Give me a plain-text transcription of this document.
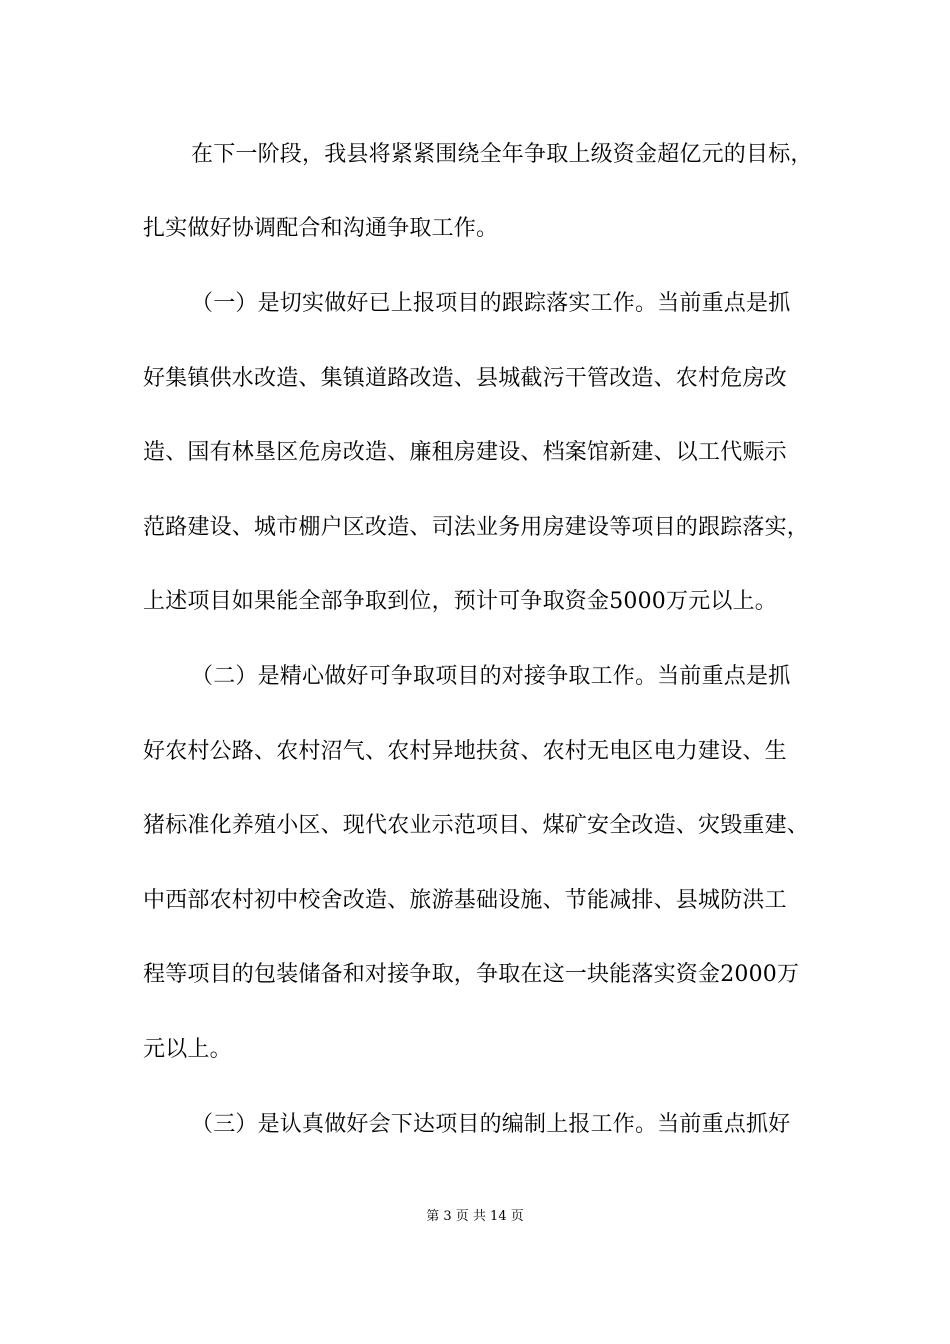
在下一阶段，我县将紧紧围绕全年争取上级资金超亿元的目标，
扎实做好协调配合和沟通争取工作。
（一）是切实做好已上报项目的跟踪落实工作。当前重点是抓
好集镇供水改造、集镇道路改造、县城截污干管改造、农村危房改
造、国有林垦区危房改造、廉租房建设、档案馆新建、以工代赈示
范路建设、城市棚户区改造、司法业务用房建设等项目的跟踪落实，
上述项目如果能全部争取到位，预计可争取资金5000万元以上。
（二）是精心做好可争取项目的对接争取工作。当前重点是抓
好农村公路、农村沼气、农村异地扶贫、农村无电区电力建设、生
猪标准化养殖小区、现代农业示范项目、煤矿安全改造、灾毁重建、
中西部农村初中校舍改造、旅游基础设施、节能减排、县城防洪工
程等项目的包装储备和对接争取，争取在这一块能落实资金2000万
元以上。
（三）是认真做好会下达项目的编制上报工作。当前重点抓好
第 3 页 共 14 页
